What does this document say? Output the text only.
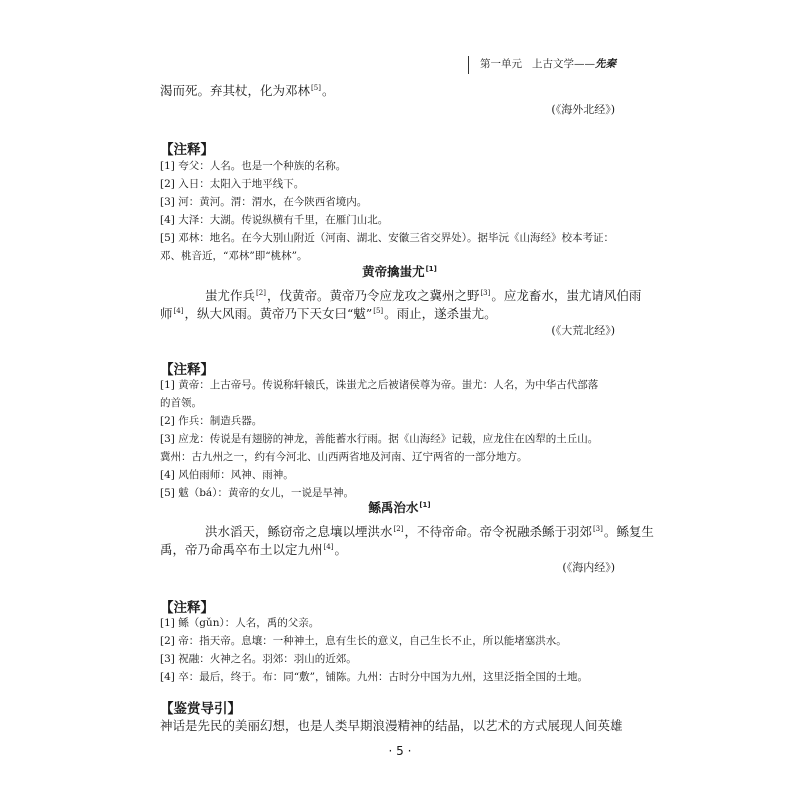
第一单元 上古文学——先秦
渴而死。弃其杖，化为邓林[5]。
(《海外北经》)
【注释】
[1] 夸父：人名。也是一个种族的名称。
[2] 入日：太阳入于地平线下。
[3] 河：黄河。渭：渭水，在今陕西省境内。
[4] 大泽：大湖。传说纵横有千里，在雁门山北。
[5] 邓林：地名。在今大别山附近（河南、湖北、安徽三省交界处）。据毕沅《山海经》校本考证：
邓、桃音近，“邓林”即“桃林”。
黄帝擒蚩尤[1]
蚩尤作兵[2]，伐黄帝。黄帝乃令应龙攻之冀州之野[3]。应龙畜水，蚩尤请风伯雨
师[4]，纵大风雨。黄帝乃下天女曰“魃”[5]。雨止，遂杀蚩尤。
(《大荒北经》)
【注释】
[1] 黄帝：上古帝号。传说称轩辕氏，诛蚩尤之后被诸侯尊为帝。蚩尤：人名，为中华古代部落
的首领。
[2] 作兵：制造兵器。
[3] 应龙：传说是有翅膀的神龙，善能蓄水行雨。据《山海经》记载，应龙住在凶犁的土丘山。
冀州：古九州之一，约有今河北、山西两省地及河南、辽宁两省的一部分地方。
[4] 风伯雨师：风神、雨神。
[5] 魃（bá）：黄帝的女儿，一说是旱神。
鲧禹治水[1]
洪水滔天，鲧窃帝之息壤以堙洪水[2]，不待帝命。帝令祝融杀鲧于羽郊[3]。鲧复生
禹，帝乃命禹卒布土以定九州[4]。
(《海内经》)
【注释】
[1] 鲧（gǔn）：人名，禹的父亲。
[2] 帝：指天帝。息壤：一种神土，息有生长的意义，自己生长不止，所以能堵塞洪水。
[3] 祝融：火神之名。羽郊：羽山的近郊。
[4] 卒：最后，终于。布：同“敷”，铺陈。九州：古时分中国为九州，这里泛指全国的土地。
【鉴赏导引】
神话是先民的美丽幻想，也是人类早期浪漫精神的结晶，以艺术的方式展现人间英雄
· 5 ·
